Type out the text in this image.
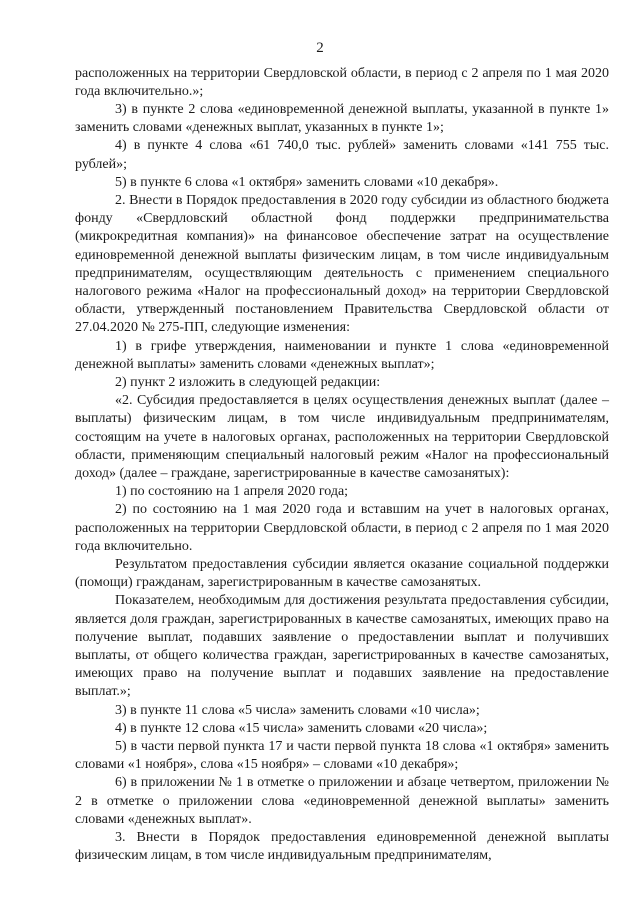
2

расположенных на территории Свердловской области, в период с 2 апреля по 1 мая 2020 года включительно.»;

3) в пункте 2 слова «единовременной денежной выплаты, указанной в пункте 1» заменить словами «денежных выплат, указанных в пункте 1»;

4) в пункте 4 слова «61 740,0 тыс. рублей» заменить словами «141 755 тыс. рублей»;

5) в пункте 6 слова «1 октября» заменить словами «10 декабря».

2. Внести в Порядок предоставления в 2020 году субсидии из областного бюджета фонду «Свердловский областной фонд поддержки предпринимательства (микрокредитная компания)» на финансовое обеспечение затрат на осуществление единовременной денежной выплаты физическим лицам, в том числе индивидуальным предпринимателям, осуществляющим деятельность с применением специального налогового режима «Налог на профессиональный доход» на территории Свердловской области, утвержденный постановлением Правительства Свердловской области от 27.04.2020 № 275-ПП, следующие изменения:

1) в грифе утверждения, наименовании и пункте 1 слова «единовременной денежной выплаты» заменить словами «денежных выплат»;

2) пункт 2 изложить в следующей редакции:

«2. Субсидия предоставляется в целях осуществления денежных выплат (далее – выплаты) физическим лицам, в том числе индивидуальным предпринимателям, состоящим на учете в налоговых органах, расположенных на территории Свердловской области, применяющим специальный налоговый режим «Налог на профессиональный доход» (далее – граждане, зарегистрированные в качестве самозанятых):

1) по состоянию на 1 апреля 2020 года;

2) по состоянию на 1 мая 2020 года и вставшим на учет в налоговых органах, расположенных на территории Свердловской области, в период с 2 апреля по 1 мая 2020 года включительно.

Результатом предоставления субсидии является оказание социальной поддержки (помощи) гражданам, зарегистрированным в качестве самозанятых.

Показателем, необходимым для достижения результата предоставления субсидии, является доля граждан, зарегистрированных в качестве самозанятых, имеющих право на получение выплат, подавших заявление о предоставлении выплат и получивших выплаты, от общего количества граждан, зарегистрированных в качестве самозанятых, имеющих право на получение выплат и подавших заявление на предоставление выплат.»;

3) в пункте 11 слова «5 числа» заменить словами «10 числа»;

4) в пункте 12 слова «15 числа» заменить словами «20 числа»;

5) в части первой пункта 17 и части первой пункта 18 слова «1 октября» заменить словами «1 ноября», слова «15 ноября» – словами «10 декабря»;

6) в приложении № 1 в отметке о приложении и абзаце четвертом, приложении № 2 в отметке о приложении слова «единовременной денежной выплаты» заменить словами «денежных выплат».

3. Внести в Порядок предоставления единовременной денежной выплаты физическим лицам, в том числе индивидуальным предпринимателям,
